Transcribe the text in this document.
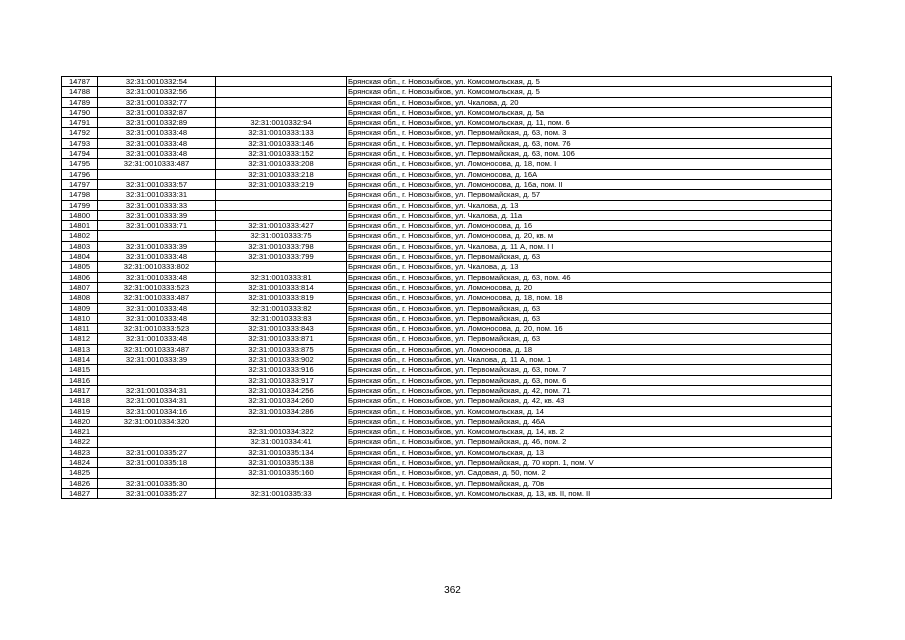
14787	32:31:0010332:54		Брянская обл., г. Новозыбков, ул. Комсомольская, д. 5
14788	32:31:0010332:56		Брянская обл., г. Новозыбков, ул. Комсомольская, д. 5
14789	32:31:0010332:77		Брянская обл., г. Новозыбков, ул. Чкалова, д. 20
14790	32:31:0010332:87		Брянская обл., г. Новозыбков, ул. Комсомольская, д. 5а
14791	32:31:0010332:89	32:31:0010332:94	Брянская обл., г. Новозыбков, ул. Комсомольская, д. 11, пом. 6
14792	32:31:0010333:48	32:31:0010333:133	Брянская обл., г. Новозыбков, ул. Первомайская, д. 63, пом. 3
14793	32:31:0010333:48	32:31:0010333:146	Брянская обл., г. Новозыбков, ул. Первомайская, д. 63, пом. 76
14794	32:31:0010333:48	32:31:0010333:152	Брянская обл., г. Новозыбков, ул. Первомайская, д. 63, пом. 106
14795	32:31:0010333:487	32:31:0010333:208	Брянская обл., г. Новозыбков, ул. Ломоносова, д. 18, пом. I
14796		32:31:0010333:218	Брянская обл., г. Новозыбков, ул. Ломоносова, д. 16А
14797	32:31:0010333:57	32:31:0010333:219	Брянская обл., г. Новозыбков, ул. Ломоносова, д. 16а, пом. II
14798	32:31:0010333:31		Брянская обл., г. Новозыбков, ул. Первомайская, д. 57
14799	32:31:0010333:33		Брянская обл., г. Новозыбков, ул. Чкалова, д. 13
14800	32:31:0010333:39		Брянская обл., г. Новозыбков, ул. Чкалова, д. 11а
14801	32:31:0010333:71	32:31:0010333:427	Брянская обл., г. Новозыбков, ул. Ломоносова, д. 16
14802		32:31:0010333:75	Брянская обл., г. Новозыбков, ул. Ломоносова, д. 20, кв. м
14803	32:31:0010333:39	32:31:0010333:798	Брянская обл., г. Новозыбков, ул. Чкалова, д. 11 А, пом. I I
14804	32:31:0010333:48	32:31:0010333:799	Брянская обл., г. Новозыбков, ул. Первомайская, д. 63
14805	32:31:0010333:802		Брянская обл., г. Новозыбков, ул. Чкалова, д. 13
14806	32:31:0010333:48	32:31:0010333:81	Брянская обл., г. Новозыбков, ул. Первомайская, д. 63, пом. 46
14807	32:31:0010333:523	32:31:0010333:814	Брянская обл., г. Новозыбков, ул. Ломоносова, д. 20
14808	32:31:0010333:487	32:31:0010333:819	Брянская обл., г. Новозыбков, ул. Ломоносова, д. 18, пом. 18
14809	32:31:0010333:48	32:31:0010333:82	Брянская обл., г. Новозыбков, ул. Первомайская, д. 63
14810	32:31:0010333:48	32:31:0010333:83	Брянская обл., г. Новозыбков, ул. Первомайская, д. 63
14811	32:31:0010333:523	32:31:0010333:843	Брянская обл., г. Новозыбков, ул. Ломоносова, д. 20, пом. 16
14812	32:31:0010333:48	32:31:0010333:871	Брянская обл., г. Новозыбков, ул. Первомайская, д. 63
14813	32:31:0010333:487	32:31:0010333:875	Брянская обл., г. Новозыбков, ул. Ломоносова, д. 18
14814	32:31:0010333:39	32:31:0010333:902	Брянская обл., г. Новозыбков, ул. Чкалова, д. 11 А, пом. 1
14815		32:31:0010333:916	Брянская обл., г. Новозыбков, ул. Первомайская, д. 63, пом. 7
14816		32:31:0010333:917	Брянская обл., г. Новозыбков, ул. Первомайская, д. 63, пом. 6
14817	32:31:0010334:31	32:31:0010334:256	Брянская обл., г. Новозыбков, ул. Первомайская, д. 42, пом. 71
14818	32:31:0010334:31	32:31:0010334:260	Брянская обл., г. Новозыбков, ул. Первомайская, д. 42, кв. 43
14819	32:31:0010334:16	32:31:0010334:286	Брянская обл., г. Новозыбков, ул. Комсомольская, д. 14
14820	32:31:0010334:320		Брянская обл., г. Новозыбков, ул. Первомайская, д. 46А
14821		32:31:0010334:322	Брянская обл., г. Новозыбков, ул. Комсомольская, д. 14, кв. 2
14822		32:31:0010334:41	Брянская обл., г. Новозыбков, ул. Первомайская, д. 46, пом. 2
14823	32:31:0010335:27	32:31:0010335:134	Брянская обл., г. Новозыбков, ул. Комсомольская, д. 13
14824	32:31:0010335:18	32:31:0010335:138	Брянская обл., г. Новозыбков, ул. Первомайская, д. 70 корп. 1, пом. V
14825		32:31:0010335:160	Брянская обл., г. Новозыбков, ул. Садовая, д. 50, пом. 2
14826	32:31:0010335:30		Брянская обл., г. Новозыбков, ул. Первомайская, д. 70в
14827	32:31:0010335:27	32:31:0010335:33	Брянская обл., г. Новозыбков, ул. Комсомольская, д. 13, кв. II, пом. II
362
